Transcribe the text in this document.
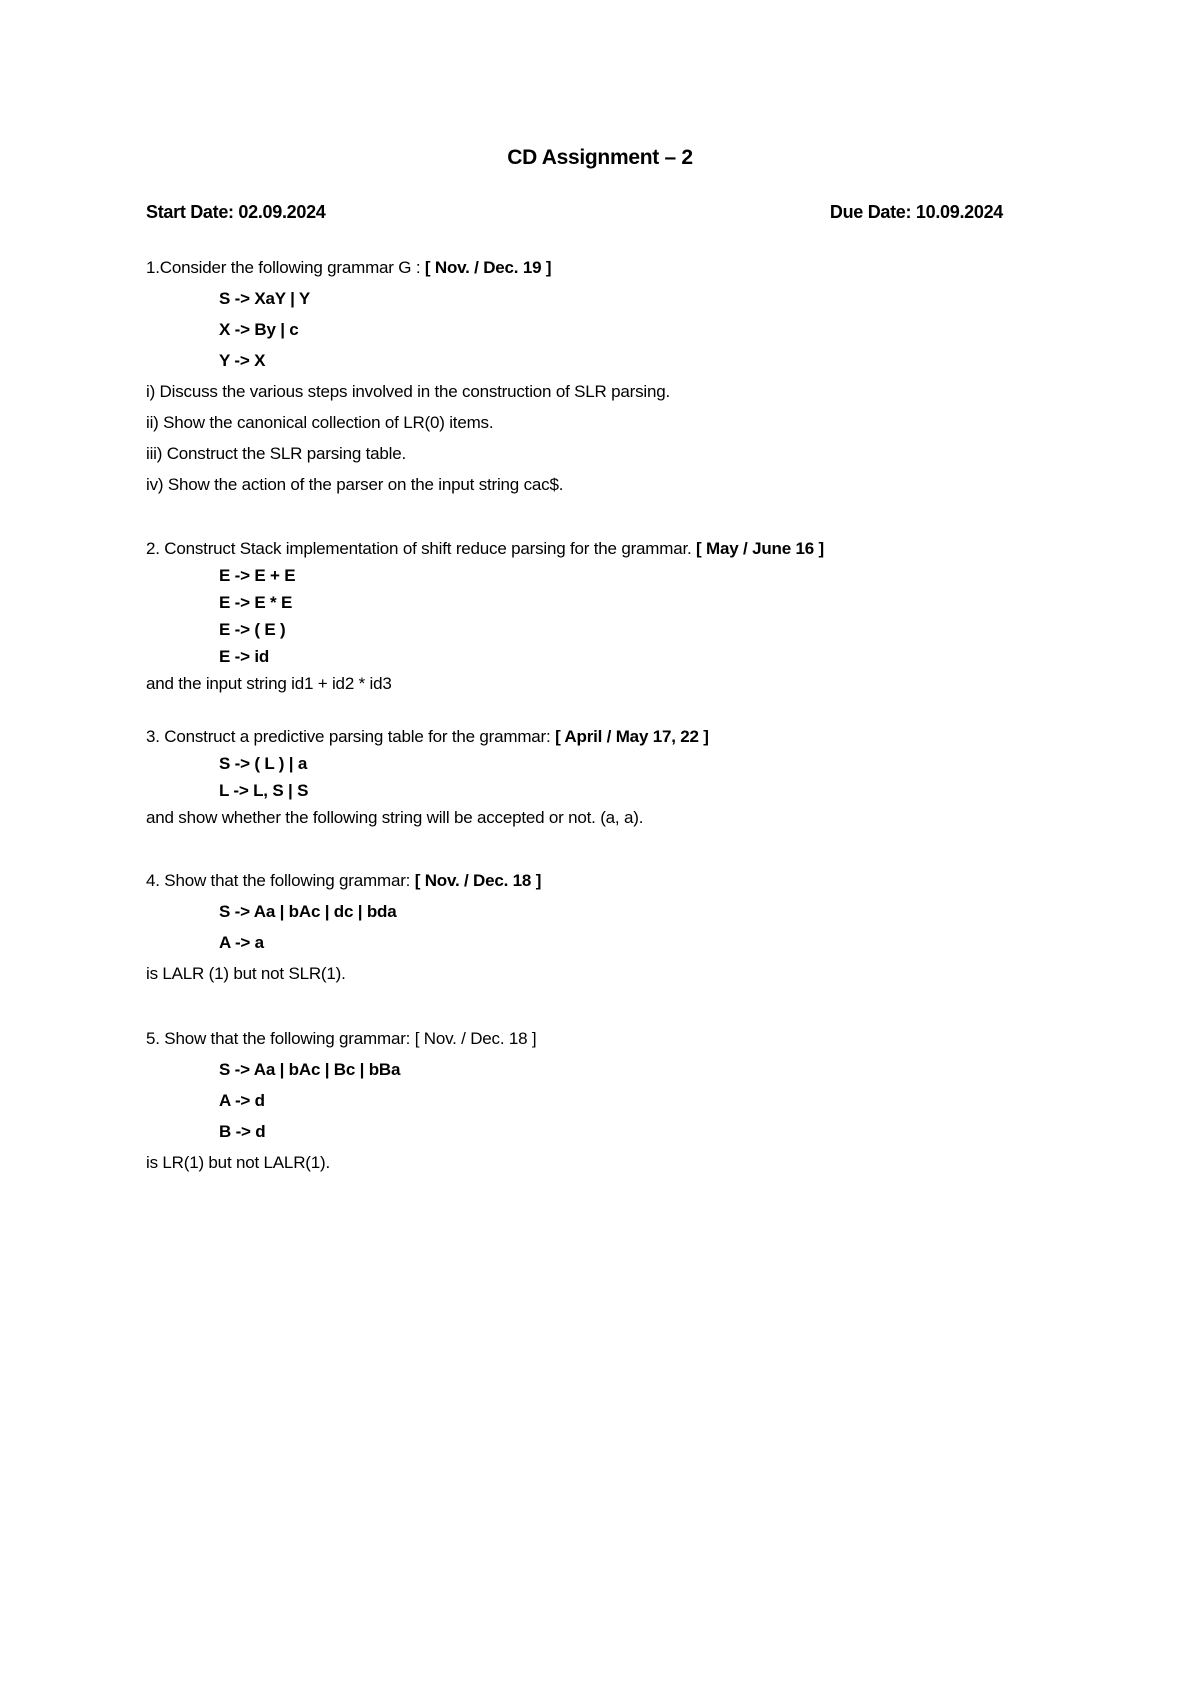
CD Assignment – 2
Start Date: 02.09.2024	Due Date: 10.09.2024
1.Consider the following grammar G : [ Nov. / Dec. 19 ]
S -> XaY | Y
X -> By | c
Y -> X
i) Discuss the various steps involved in the construction of SLR parsing.
ii) Show the canonical collection of LR(0) items.
iii) Construct the SLR parsing table.
iv) Show the action of the parser on the input string cac$.
2. Construct Stack implementation of shift reduce parsing for the grammar. [ May / June 16 ]
E -> E + E
E -> E * E
E -> ( E )
E -> id
and the input string id1 + id2 * id3
3. Construct a predictive parsing table for the grammar: [ April / May 17, 22 ]
S -> ( L ) | a
L -> L, S | S
and show whether the following string will be accepted or not. (a, a).
4. Show that the following grammar: [ Nov. / Dec. 18 ]
S -> Aa | bAc | dc | bda
A -> a
is LALR (1) but not SLR(1).
5. Show that the following grammar: [ Nov. / Dec. 18 ]
S -> Aa | bAc | Bc | bBa
A -> d
B -> d
is LR(1) but not LALR(1).
